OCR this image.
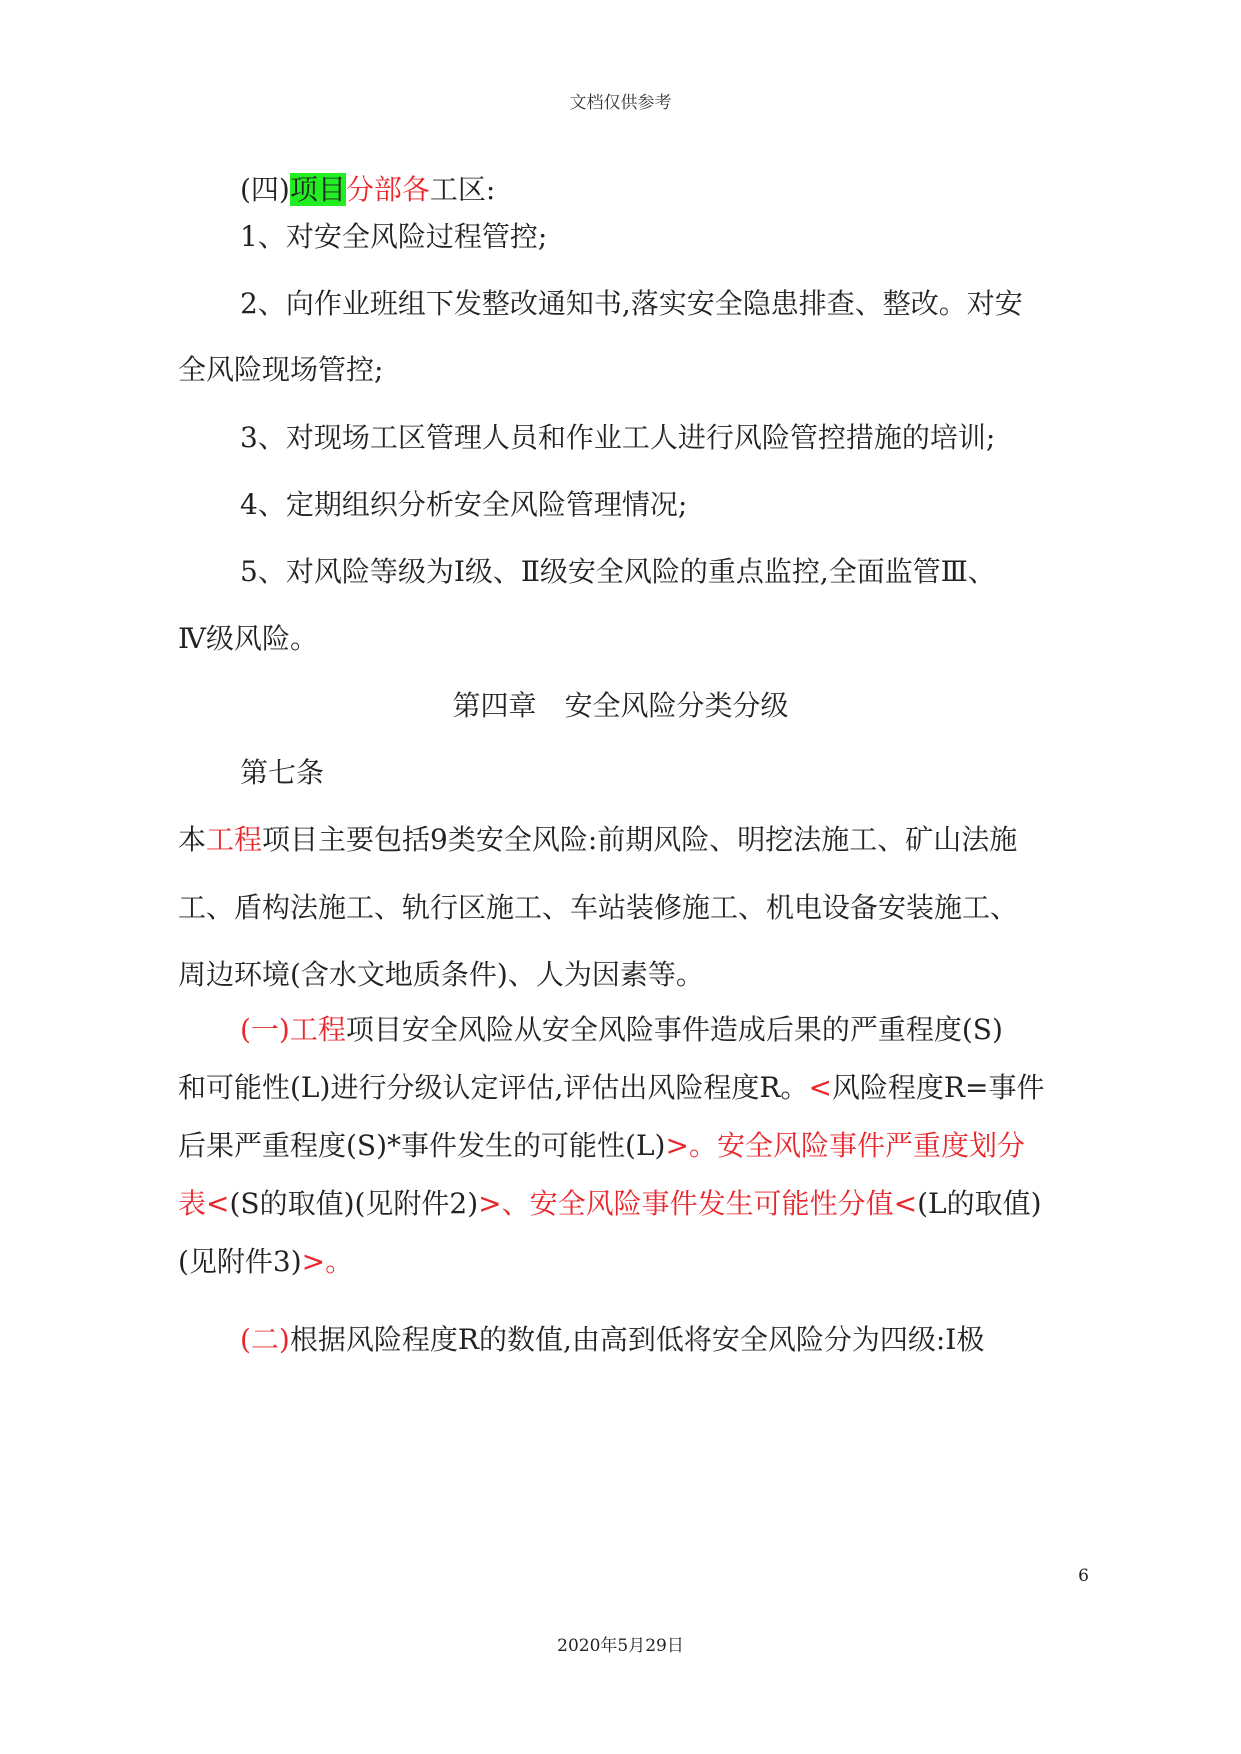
文档仅供参考
(四)项目分部各工区:
1、对安全风险过程管控;
2、向作业班组下发整改通知书,落实安全隐患排查、整改。对安
全风险现场管控;
3、对现场工区管理人员和作业工人进行风险管控措施的培训;
4、定期组织分析安全风险管理情况;
5、对风险等级为Ⅰ级、Ⅱ级安全风险的重点监控,全面监管Ⅲ、
Ⅳ级风险。
第四章　安全风险分类分级
第七条
本工程项目主要包括9类安全风险:前期风险、明挖法施工、矿山法施
工、盾构法施工、轨行区施工、车站装修施工、机电设备安装施工、
周边环境(含水文地质条件)、人为因素等。
(一)工程项目安全风险从安全风险事件造成后果的严重程度(S)
和可能性(L)进行分级认定评估,评估出风险程度R。<风险程度R=事件
后果严重程度(S)*事件发生的可能性(L)>。安全风险事件严重度划分
表<(S的取值)(见附件2)>、安全风险事件发生可能性分值<(L的取值)
(见附件3)>。
(二)根据风险程度R的数值,由高到低将安全风险分为四级:Ⅰ极
6
2020年5月29日
